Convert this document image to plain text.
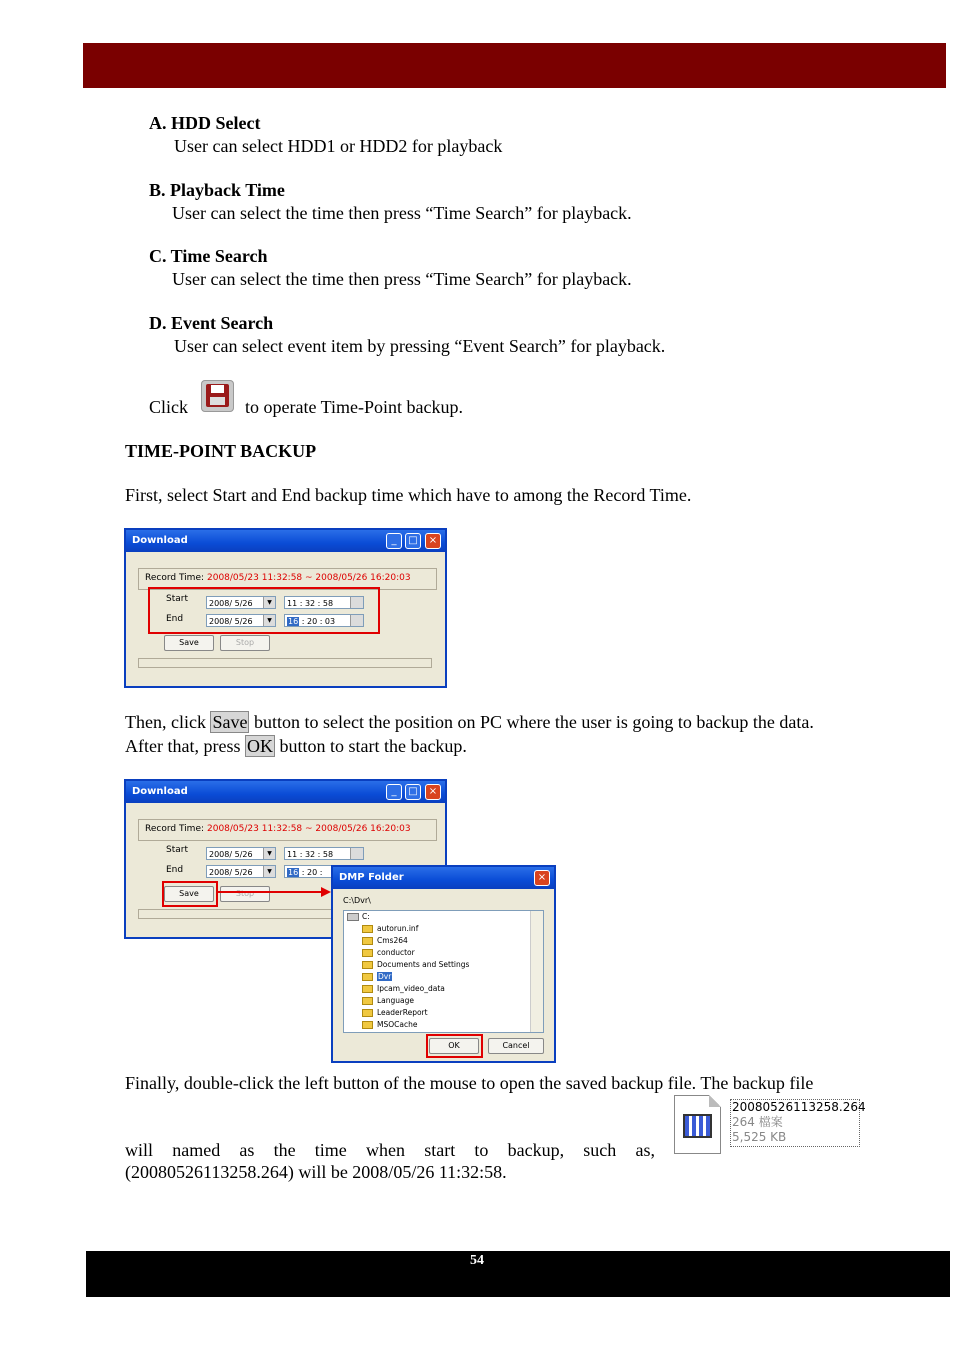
A. HDD Select
User can select HDD1 or HDD2 for playback
B. Playback Time
User can select the time then press “Time Search” for playback.
C. Time Search
User can select the time then press “Time Search” for playback.
D. Event Search
User can select event item by pressing “Event Search” for playback.
Click	to operate Time-Point backup.
TIME-POINT BACKUP
First, select Start and End backup time which have to among the Record Time.
Download	_	□	×
Record Time: 2008/05/23 11:32:58 ~ 2008/05/26 16:20:03
Start	2008/ 5/26	▼	11 : 32 : 58
End	2008/ 5/26	▼	16 : 20 : 03
Save	Stop
Then, click Save button to select the position on PC where the user is going to backup the data.
After that, press OK button to start the backup.
Download	_	□	×
Record Time: 2008/05/23 11:32:58 ~ 2008/05/26 16:20:03
Start	2008/ 5/26	▼	11 : 32 : 58
End	2008/ 5/26	▼	16 : 20 :
Save	Stop
DMP Folder	×
C:\Dvr\
C:
autorun.inf
Cms264
conductor
Documents and Settings
Dvr
Ipcam_video_data
Language
LeaderReport
MSOCache
OK	Cancel
Finally, double-click the left button of the mouse to open the saved backup file. The backup file
will named as the time when start to backup, such as,
(20080526113258.264) will be 2008/05/26 11:32:58.
20080526113258.264
264 檔案
5,525 KB
54
